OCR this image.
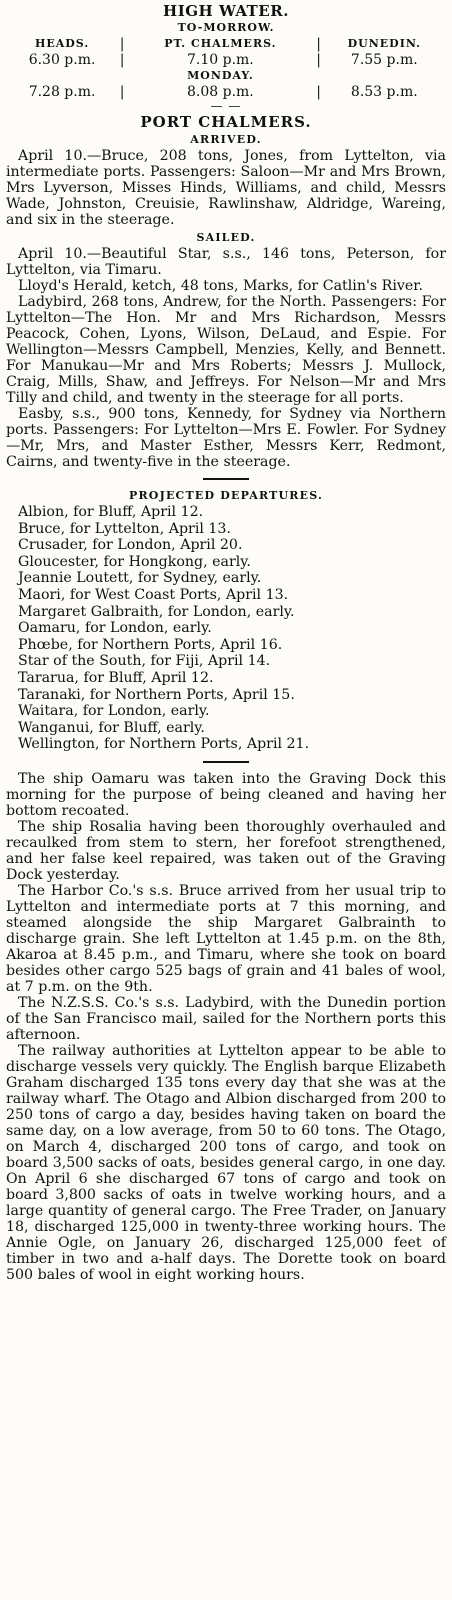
HIGH WATER.
TO-MORROW.
HEADS.	|	PT. CHALMERS.	|	DUNEDIN.
6.30 p.m.	|	7.10 p.m.	|	7.55 p.m.
		MONDAY.		
7.28 p.m.	|	8.08 p.m.	|	8.53 p.m.
— —
PORT CHALMERS.
ARRIVED.

April 10.—Bruce, 208 tons, Jones, from Lyttelton, via intermediate ports. Passengers: Saloon—Mr and Mrs Brown, Mrs Lyverson, Misses Hinds, Williams, and child, Messrs Wade, Johnston, Creuisie, Rawlinshaw, Aldridge, Wareing, and six in the steerage.

SAILED.

April 10.—Beautiful Star, s.s., 146 tons, Peterson, for Lyttelton, via Timaru.

Lloyd's Herald, ketch, 48 tons, Marks, for Catlin's River.

Ladybird, 268 tons, Andrew, for the North. Passengers: For Lyttelton—The Hon. Mr and Mrs Richardson, Messrs Peacock, Cohen, Lyons, Wilson, DeLaud, and Espie. For Wellington—Messrs Campbell, Menzies, Kelly, and Bennett. For Manukau—Mr and Mrs Roberts; Messrs J. Mullock, Craig, Mills, Shaw, and Jeffreys. For Nelson—Mr and Mrs Tilly and child, and twenty in the steerage for all ports.

Easby, s.s., 900 tons, Kennedy, for Sydney via Northern ports. Passengers: For Lyttelton—Mrs E. Fowler. For Sydney—Mr, Mrs, and Master Esther, Messrs Kerr, Redmont, Cairns, and twenty-five in the steerage.

PROJECTED DEPARTURES.
Albion, for Bluff, April 12.
Bruce, for Lyttelton, April 13.
Crusader, for London, April 20.
Gloucester, for Hongkong, early.
Jeannie Loutett, for Sydney, early.
Maori, for West Coast Ports, April 13.
Margaret Galbraith, for London, early.
Oamaru, for London, early.
Phœbe, for Northern Ports, April 16.
Star of the South, for Fiji, April 14.
Tararua, for Bluff, April 12.
Taranaki, for Northern Ports, April 15.
Waitara, for London, early.
Wanganui, for Bluff, early.
Wellington, for Northern Ports, April 21.

The ship Oamaru was taken into the Graving Dock this morning for the purpose of being cleaned and having her bottom recoated.

The ship Rosalia having been thoroughly overhauled and recaulked from stem to stern, her forefoot strengthened, and her false keel repaired, was taken out of the Graving Dock yesterday.

The Harbor Co.'s s.s. Bruce arrived from her usual trip to Lyttelton and intermediate ports at 7 this morning, and steamed alongside the ship Margaret Galbrainth to discharge grain. She left Lyttelton at 1.45 p.m. on the 8th, Akaroa at 8.45 p.m., and Timaru, where she took on board besides other cargo 525 bags of grain and 41 bales of wool, at 7 p.m. on the 9th.

The N.Z.S.S. Co.'s s.s. Ladybird, with the Dunedin portion of the San Francisco mail, sailed for the Northern ports this afternoon.

The railway authorities at Lyttelton appear to be able to discharge vessels very quickly. The English barque Elizabeth Graham discharged 135 tons every day that she was at the railway wharf. The Otago and Albion discharged from 200 to 250 tons of cargo a day, besides having taken on board the same day, on a low average, from 50 to 60 tons. The Otago, on March 4, discharged 200 tons of cargo, and took on board 3,500 sacks of oats, besides general cargo, in one day. On April 6 she discharged 67 tons of cargo and took on board 3,800 sacks of oats in twelve working hours, and a large quantity of general cargo. The Free Trader, on January 18, discharged 125,000 in twenty-three working hours. The Annie Ogle, on January 26, discharged 125,000 feet of timber in two and a-half days. The Dorette took on board 500 bales of wool in eight working hours.
